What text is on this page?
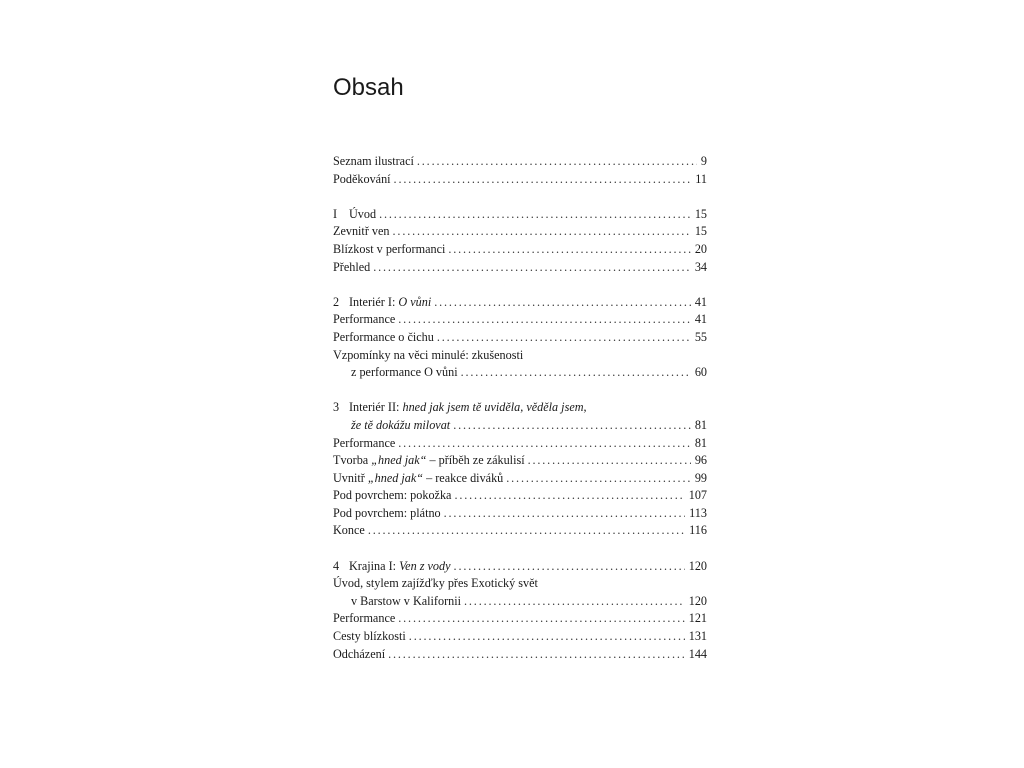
Obsah
Seznam ilustrací . . .	9
Poděkování . . .	11
I Úvod . . .	15
Zevnitř ven . . .	15
Blízkost v performanci . . .	20
Přehled . . .	34
2 Interiér I: O vůni . . .	41
Performance . . .	41
Performance o čichu . . .	55
Vzpomínky na věci minulé: zkušenosti
z performance O vůni . . .	60
3 Interiér II: hned jak jsem tě uviděla, věděla jsem,
že tě dokážu milovat . . .	81
Performance . . .	81
Tvorba „hned jak“ – příběh ze zákulisí . . .	96
Uvnitř „hned jak“ – reakce diváků . . .	99
Pod povrchem: pokožka . . .	107
Pod povrchem: plátno . . .	113
Konce . . .	116
4 Krajina I: Ven z vody . . .	120
Úvod, stylem zajížďky přes Exotický svět
v Barstow v Kalifornii . . .	120
Performance . . .	121
Cesty blízkosti . . .	131
Odcházení . . .	144
